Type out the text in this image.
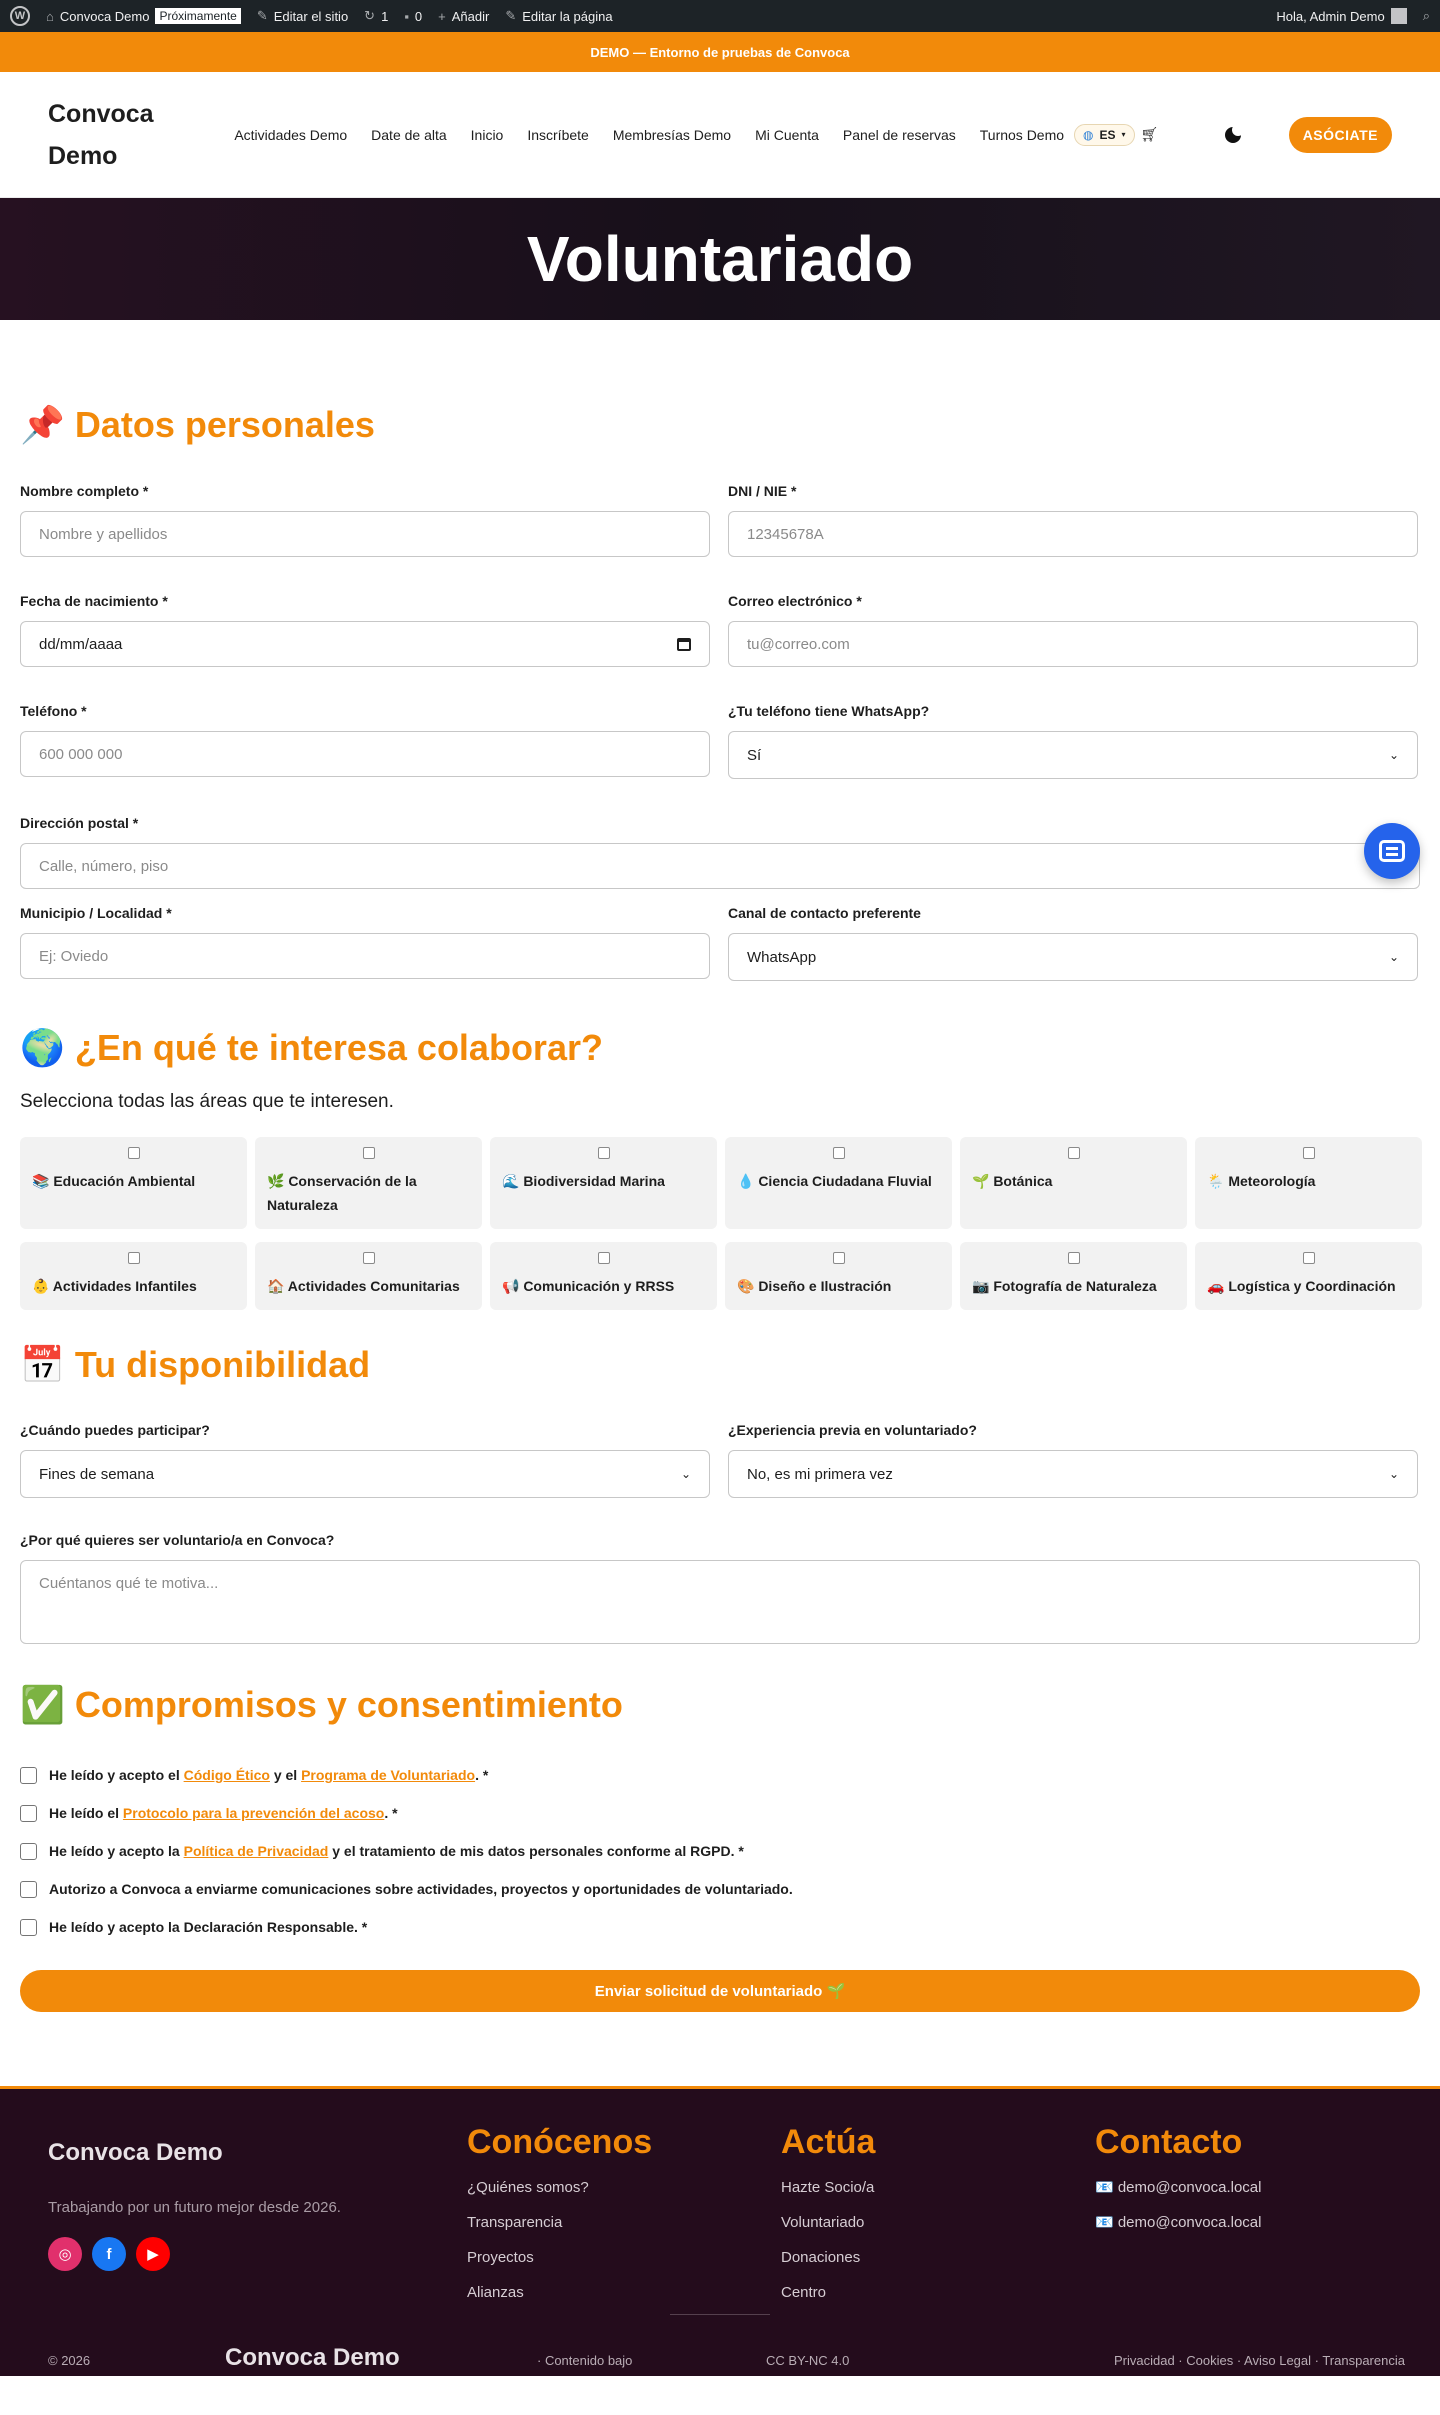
W	⌂ Convoca Demo Próximamente	✎ Editar el sitio ↻ 1 ▪ 0 + Añadir ✎ Editar la página	Hola, Admin Demo	⌕
DEMO — Entorno de pruebas de Convoca
Convoca
Demo
Actividades Demo Date de alta Inicio Inscríbete Membresías Demo Mi Cuenta Panel de reservas Turnos Demo ◍ ES ▾ 🛒︎	ASÓCIATE
Voluntariado
📌 Datos personales
Nombre completo *
Nombre y apellidos
DNI / NIE *
12345678A
Fecha de nacimiento *
dd/mm/aaaa
Correo electrónico *
tu@correo.com
Teléfono *
600 000 000
¿Tu teléfono tiene WhatsApp?
Sí	⌄
Dirección postal *
Calle, número, piso
Municipio / Localidad *
Ej: Oviedo
Canal de contacto preferente
WhatsApp	⌄
🌍 ¿En qué te interesa colaborar?
Selecciona todas las áreas que te interesen.
📚 Educación Ambiental	🌿 Conservación de la Naturaleza
🌊 Biodiversidad Marina	💧 Ciencia Ciudadana Fluvial	🌱 Botánica	🌦️ Meteorología
👶 Actividades Infantiles	🏠 Actividades Comunitarias	📢 Comunicación y RRSS	🎨 Diseño e Ilustración	📷 Fotografía de Naturaleza	🚗 Logística y Coordinación
📅 Tu disponibilidad
¿Cuándo puedes participar?
Fines de semana	⌄
¿Experiencia previa en voluntariado?
No, es mi primera vez	⌄
¿Por qué quieres ser voluntario/a en Convoca?
Cuéntanos qué te motiva...
✅ Compromisos y consentimiento
He leído y acepto el Código Ético y el Programa de Voluntariado. *
He leído el Protocolo para la prevención del acoso. *
He leído y acepto la Política de Privacidad y el tratamiento de mis datos personales conforme al RGPD. *
Autorizo a Convoca a enviarme comunicaciones sobre actividades, proyectos y oportunidades de voluntariado.
He leído y acepto la Declaración Responsable. *
Enviar solicitud de voluntariado 🌱
Convoca Demo
Trabajando por un futuro mejor desde 2026.
◎	f	▶
Conócenos
¿Quiénes somos?
Transparencia
Proyectos
Alianzas
Actúa
Hazte Socio/a
Voluntariado
Donaciones
Centro
Contacto
📧 demo@convoca.local
📧 demo@convoca.local
© 2026	Convoca Demo	· Contenido bajo	CC BY-NC 4.0	Privacidad · Cookies · Aviso Legal · Transparencia
